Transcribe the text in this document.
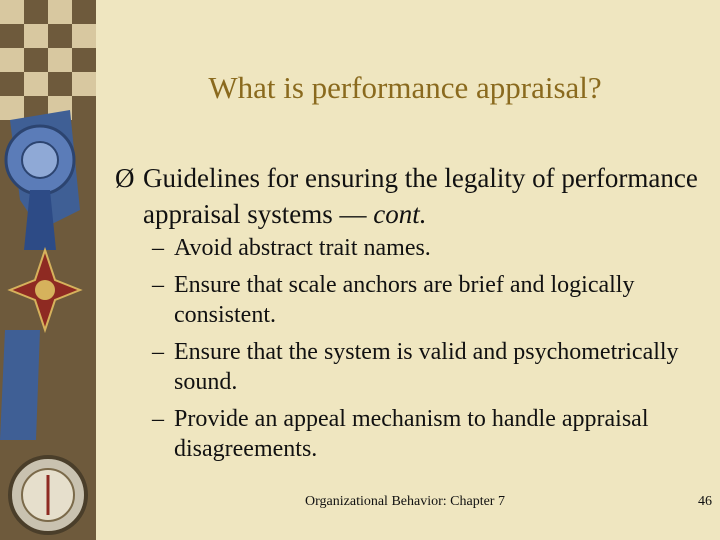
What is performance appraisal?
Ø Guidelines for ensuring the legality of performance appraisal systems — cont.
– Avoid abstract trait names.
– Ensure that scale anchors are brief and logically consistent.
– Ensure that the system is valid and psychometrically sound.
– Provide an appeal mechanism to handle appraisal disagreements.
Organizational Behavior: Chapter 7	46
